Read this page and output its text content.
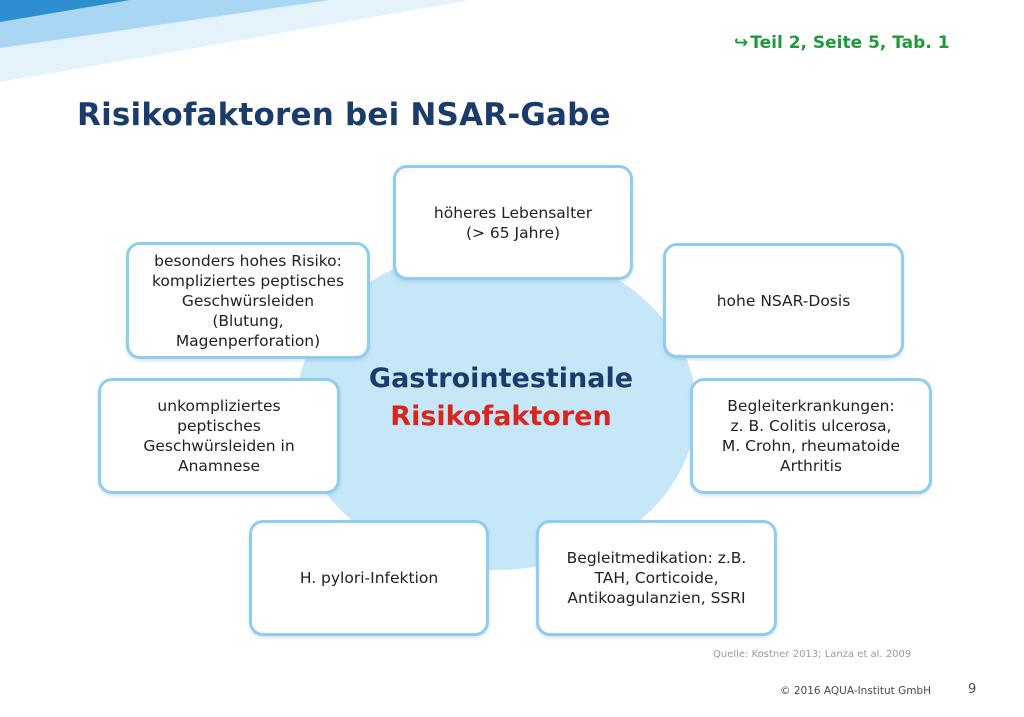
↪ Teil 2, Seite 5, Tab. 1
Risikofaktoren bei NSAR-Gabe
Gastrointestinale
Risikofaktoren
höheres Lebensalter
(> 65 Jahre)
hohe NSAR-Dosis
Begleiterkrankungen:
z. B. Colitis ulcerosa,
M. Crohn, rheumatoide
Arthritis
Begleitmedikation: z.B.
TAH, Corticoide,
Antikoagulanzien, SSRI
H. pylori-Infektion
unkompliziertes
peptisches
Geschwürsleiden in
Anamnese
besonders hohes Risiko:
kompliziertes peptisches
Geschwürsleiden
(Blutung,
Magenperforation)
Quelle: Kostner 2013; Lanza et al. 2009
© 2016 AQUA-Institut GmbH	9
